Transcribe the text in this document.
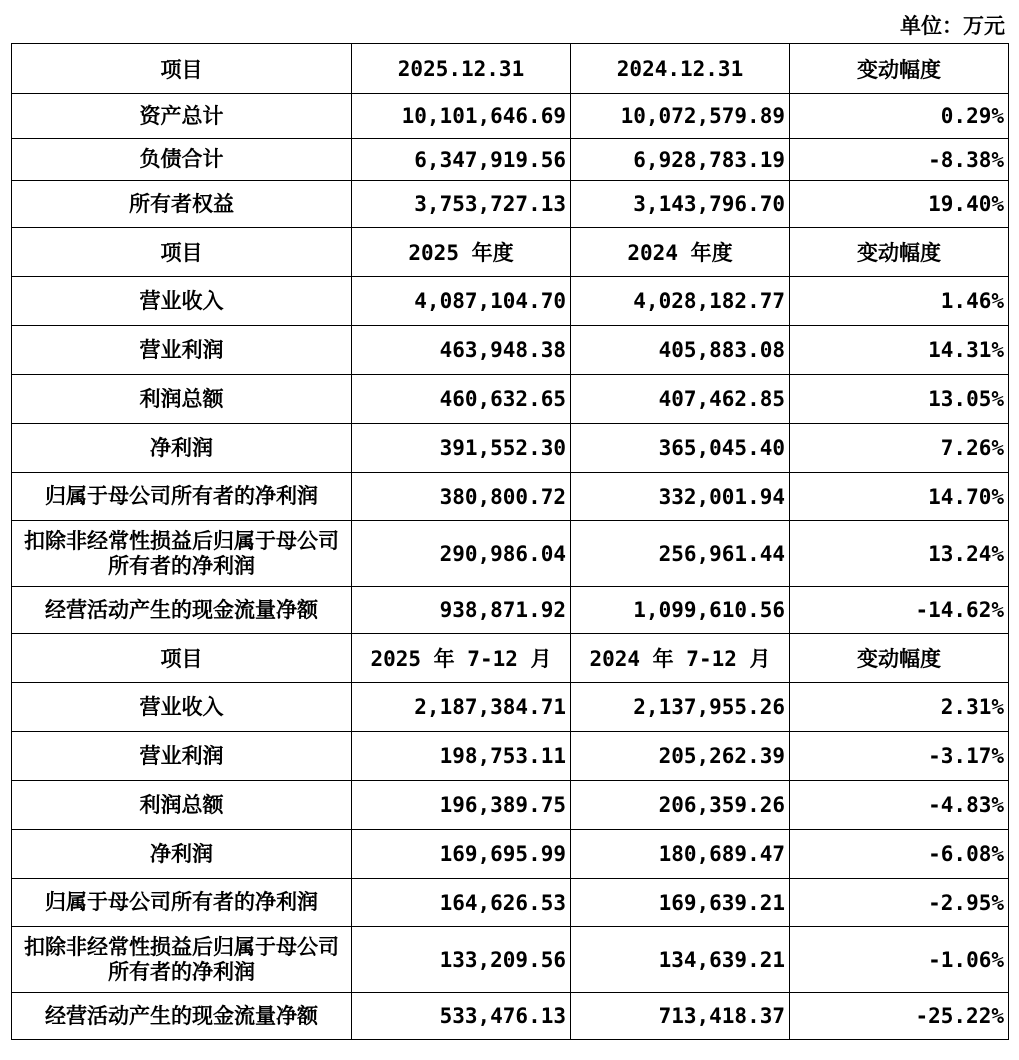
单位：万元
项目	2025.12.31	2024.12.31	变动幅度
资产总计	10,101,646.69	10,072,579.89	0.29%
负债合计	6,347,919.56	6,928,783.19	-8.38%
所有者权益	3,753,727.13	3,143,796.70	19.40%
项目	2025 年度	2024 年度	变动幅度
营业收入	4,087,104.70	4,028,182.77	1.46%
营业利润	463,948.38	405,883.08	14.31%
利润总额	460,632.65	407,462.85	13.05%
净利润	391,552.30	365,045.40	7.26%
归属于母公司所有者的净利润	380,800.72	332,001.94	14.70%
扣除非经常性损益后归属于母公司所有者的净利润	290,986.04	256,961.44	13.24%
经营活动产生的现金流量净额	938,871.92	1,099,610.56	-14.62%
项目	2025 年 7-12 月	2024 年 7-12 月	变动幅度
营业收入	2,187,384.71	2,137,955.26	2.31%
营业利润	198,753.11	205,262.39	-3.17%
利润总额	196,389.75	206,359.26	-4.83%
净利润	169,695.99	180,689.47	-6.08%
归属于母公司所有者的净利润	164,626.53	169,639.21	-2.95%
扣除非经常性损益后归属于母公司所有者的净利润	133,209.56	134,639.21	-1.06%
经营活动产生的现金流量净额	533,476.13	713,418.37	-25.22%
